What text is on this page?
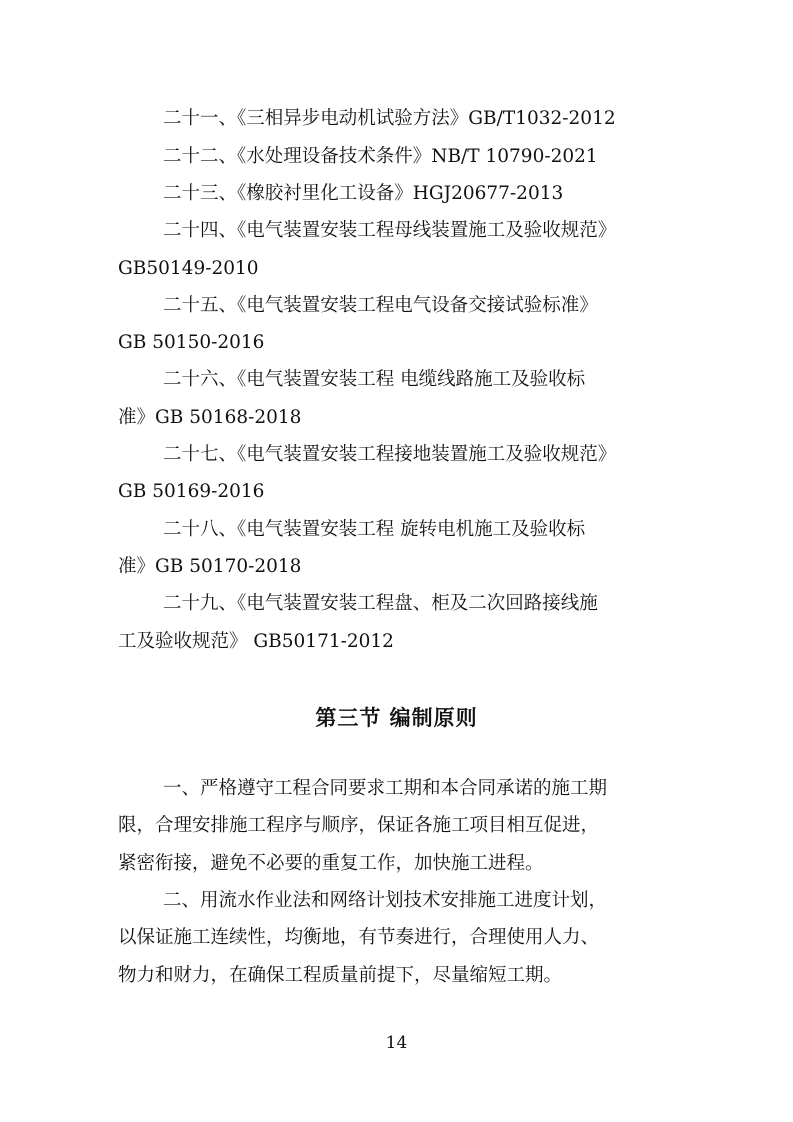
二十一、《三相异步电动机试验方法》GB/T1032-2012

二十二、《水处理设备技术条件》NB/T 10790-2021

二十三、《橡胶衬里化工设备》HGJ20677-2013

二十四、《电气装置安装工程母线装置施工及验收规范》

GB50149-2010

二十五、《电气装置安装工程电气设备交接试验标准》

GB 50150-2016

二十六、《电气装置安装工程 电缆线路施工及验收标

准》GB 50168-2018

二十七、《电气装置安装工程接地装置施工及验收规范》

GB 50169-2016

二十八、《电气装置安装工程 旋转电机施工及验收标

准》GB 50170-2018

二十九、《电气装置安装工程盘、柜及二次回路接线施

工及验收规范》 GB50171-2012

第三节 编制原则

一、严格遵守工程合同要求工期和本合同承诺的施工期

限，合理安排施工程序与顺序，保证各施工项目相互促进，

紧密衔接，避免不必要的重复工作，加快施工进程。

二、用流水作业法和网络计划技术安排施工进度计划，

以保证施工连续性，均衡地，有节奏进行，合理使用人力、

物力和财力，在确保工程质量前提下，尽量缩短工期。

14
